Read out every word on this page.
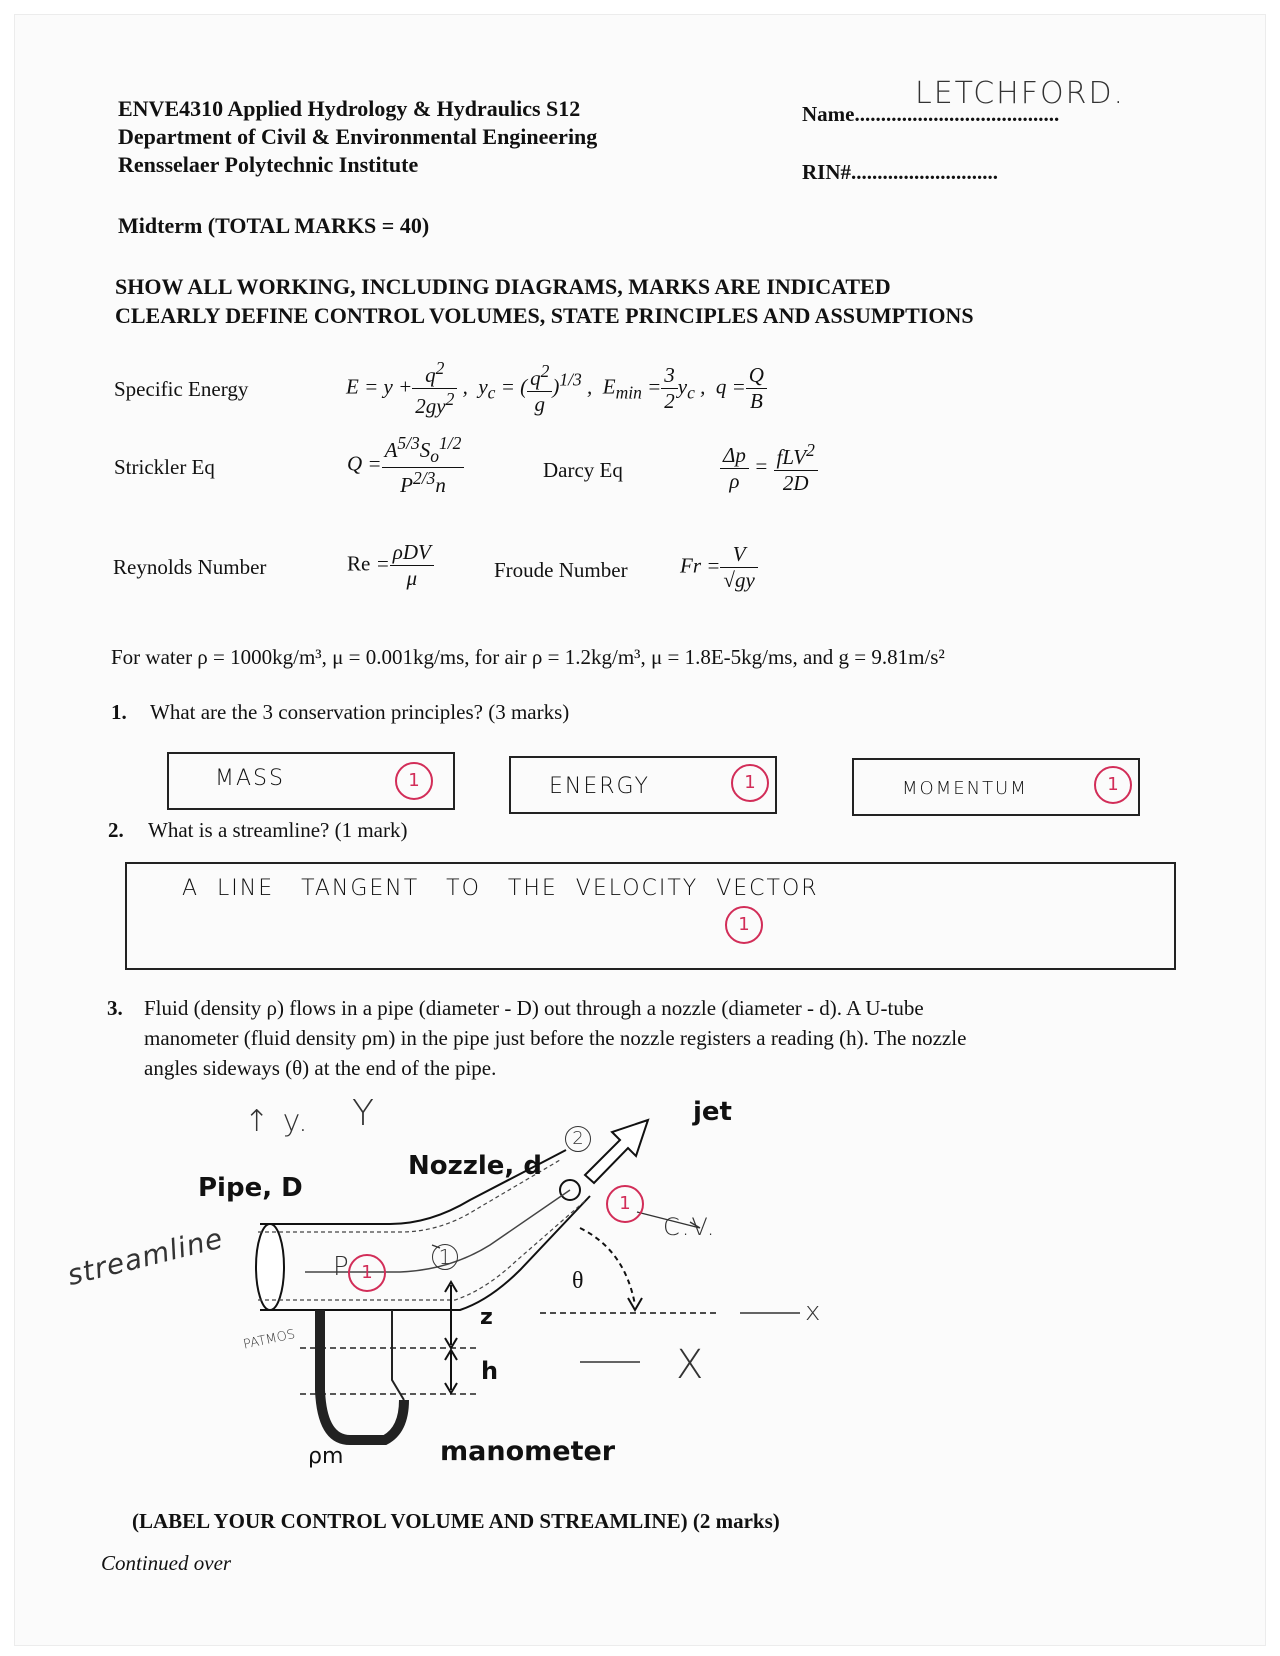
ENVE4310 Applied Hydrology & Hydraulics S12
Department of Civil & Environmental Engineering
Rensselaer Polytechnic Institute
Name.......................................
LETCHFORD.
RIN#............................
Midterm (TOTAL MARKS = 40)
SHOW ALL WORKING, INCLUDING DIAGRAMS, MARKS ARE INDICATED
CLEARLY DEFINE CONTROL VOLUMES, STATE PRINCIPLES AND ASSUMPTIONS
Specific Energy	$E = y + \frac{q^2}{2gy^2}$ ,  $y_c$ = ( $\frac{q^2}{g} )^{1/3}$ ,  $E_{min} = \frac{3}{2} y_c$ ,  $q = \frac{Q}{B}$
Strickler Eq	$Q = \frac{A^{5/3}S_o^{1/2}}{P^{2/3}n}$	Darcy Eq	$\frac{\Delta p}{\rho} = \frac{fLV^2}{2D}$
Reynolds Number	$Re = \frac{\text{ρDV}}{\mu}$	Froude Number $Fr = \frac{V}{√gy}$
For water ρ = 1000kg/m³, μ = 0.001kg/ms, for air ρ = 1.2kg/m³, μ = 1.8E-5kg/ms, and g = 9.81m/s²
1. What are the 3 conservation principles? (3 marks)
MASS	1	ENERGY	1	MOMENTUM	1
2. What is a streamline? (1 mark)
A  LINE   TANGENT   TO   THE  VELOCITY  VECTOR
1
3. Fluid (density ρ) flows in a pipe (diameter - D) out through a nozzle (diameter - d). A U-tube
manometer (fluid density ρm) in the pipe just before the nozzle registers a reading (h). The nozzle
angles sideways (θ) at the end of the pipe.
jet
Nozzle, d
Pipe, D
θ
z
h
ρm	manometer
↑ y. Y
C.V.
streamline
x
X
P 1
1
1
2
PATMOS
(LABEL YOUR CONTROL VOLUME AND STREAMLINE) (2 marks)
Continued over
